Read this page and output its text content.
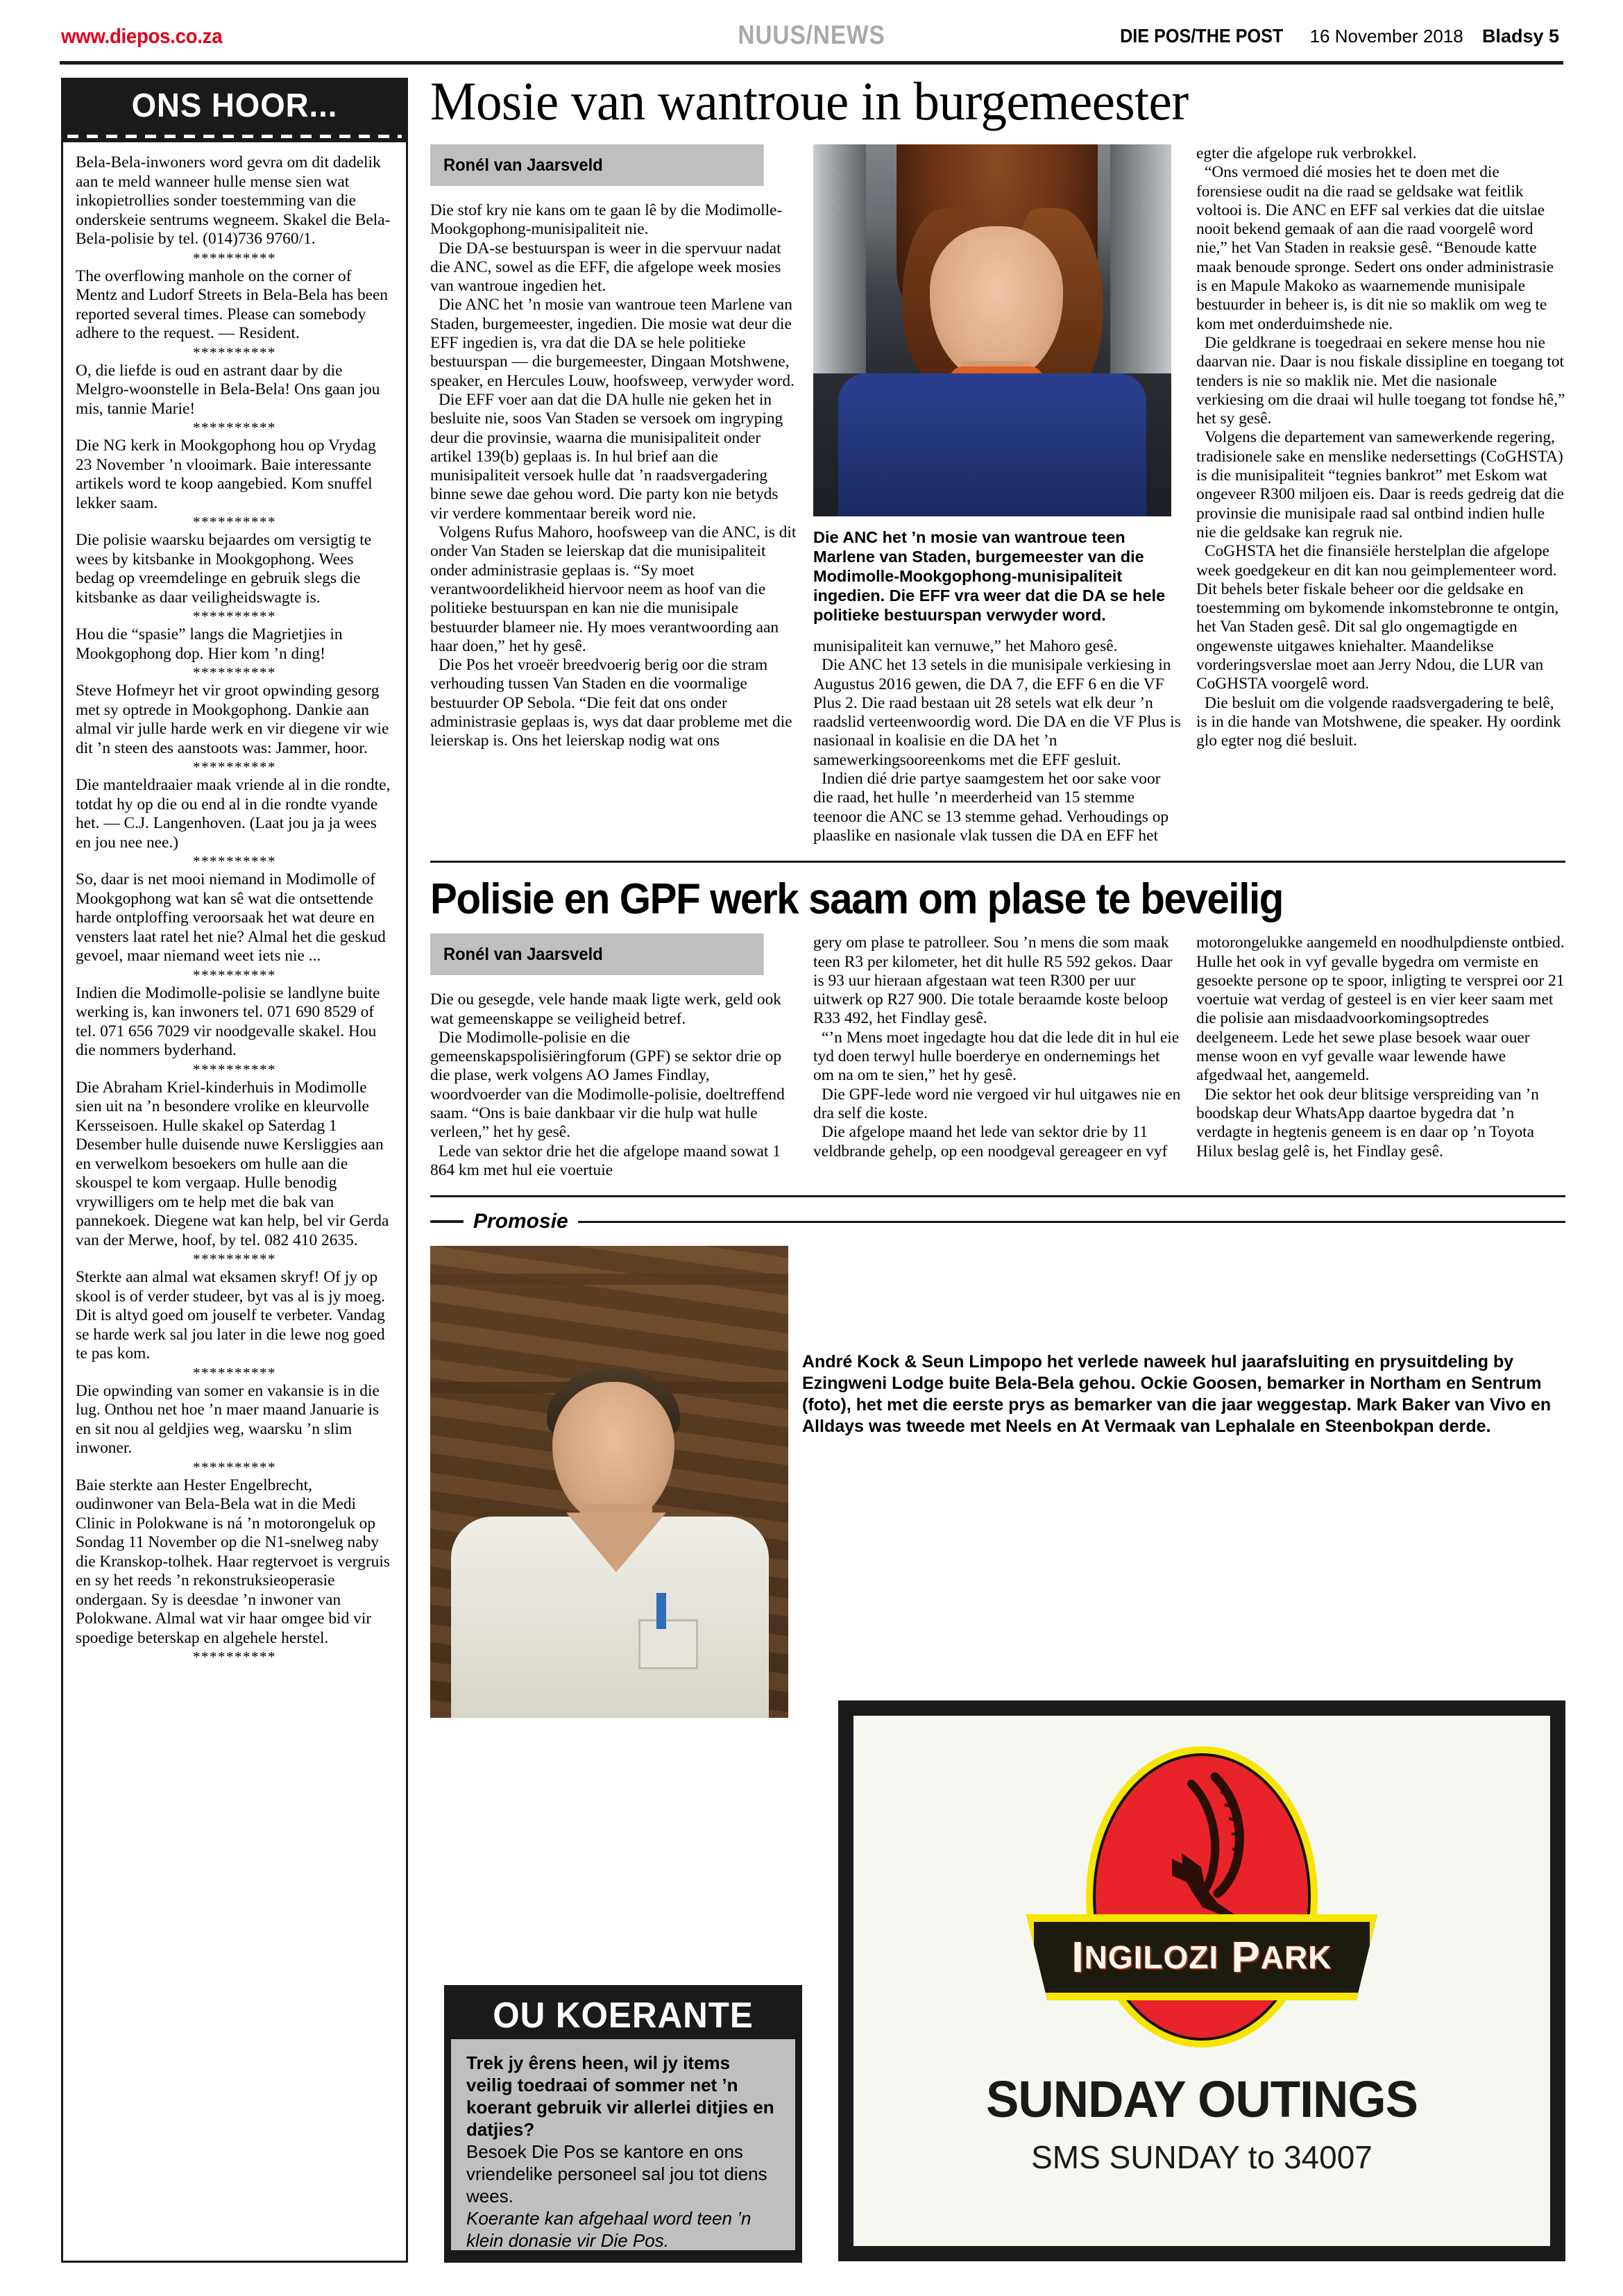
www.diepos.co.za	NUUS/NEWS	DIE POS/THE POST 16 November 2018 Bladsy 5
ONS HOOR...

Bela-Bela-inwoners word gevra om dit dadelik aan te meld wanneer hulle mense sien wat inkopietrollies sonder toestemming van die onderskeie sentrums wegneem. Skakel die Bela-Bela-polisie by tel. (014)736 9760/1.

**********

The overflowing manhole on the corner of Mentz and Ludorf Streets in Bela-Bela has been reported several times. Please can somebody adhere to the request. — Resident.

**********

O, die liefde is oud en astrant daar by die Melgro-woonstelle in Bela-Bela! Ons gaan jou mis, tannie Marie!

**********

Die NG kerk in Mookgophong hou op Vrydag 23 November ’n vlooimark. Baie interessante artikels word te koop aangebied. Kom snuffel lekker saam.

**********

Die polisie waarsku bejaardes om versigtig te wees by kitsbanke in Mookgophong. Wees bedag op vreemdelinge en gebruik slegs die kitsbanke as daar veiligheidswagte is.

**********

Hou die “spasie” langs die Magrietjies in Mookgophong dop. Hier kom ’n ding!

**********

Steve Hofmeyr het vir groot opwinding gesorg met sy optrede in Mookgophong. Dankie aan almal vir julle harde werk en vir diegene vir wie dit ’n steen des aanstoots was: Jammer, hoor.

**********

Die manteldraaier maak vriende al in die rondte, totdat hy op die ou end al in die rondte vyande het. — C.J. Langenhoven. (Laat jou ja ja wees en jou nee nee.)

**********

So, daar is net mooi niemand in Modimolle of Mookgophong wat kan sê wat die ontsettende harde ontploffing veroorsaak het wat deure en vensters laat ratel het nie? Almal het die geskud gevoel, maar niemand weet iets nie ...

**********

Indien die Modimolle-polisie se landlyne buite werking is, kan inwoners tel. 071 690 8529 of tel. 071 656 7029 vir noodgevalle skakel. Hou die nommers byderhand.

**********

Die Abraham Kriel-kinderhuis in Modimolle sien uit na ’n besondere vrolike en kleurvolle Kersseisoen. Hulle skakel op Saterdag 1 Desember hulle duisende nuwe Kersliggies aan en verwelkom besoekers om hulle aan die skouspel te kom vergaap. Hulle benodig vrywilligers om te help met die bak van pannekoek. Diegene wat kan help, bel vir Gerda van der Merwe, hoof, by tel. 082 410 2635.

**********

Sterkte aan almal wat eksamen skryf! Of jy op skool is of verder studeer, byt vas al is jy moeg. Dit is altyd goed om jouself te verbeter. Vandag se harde werk sal jou later in die lewe nog goed te pas kom.

**********

Die opwinding van somer en vakansie is in die lug. Onthou net hoe ’n maer maand Januarie is en sit nou al geldjies weg, waarsku ’n slim inwoner.

**********

Baie sterkte aan Hester Engelbrecht, oudinwoner van Bela-Bela wat in die Medi Clinic in Polokwane is ná ’n motorongeluk op Sondag 11 November op die N1-snelweg naby die Kranskop-tolhek. Haar regtervoet is vergruis en sy het reeds ’n rekonstruksieoperasie ondergaan. Sy is deesdae ’n inwoner van Polokwane. Almal wat vir haar omgee bid vir spoedige beterskap en algehele herstel.

**********

Mosie van wantroue in burgemeester
Ronél van Jaarsveld

Die stof kry nie kans om te gaan lê by die Modimolle-Mookgophong-munisipaliteit nie.

Die DA-se bestuurspan is weer in die spervuur nadat die ANC, sowel as die EFF, die afgelope week mosies van wantroue ingedien het.

Die ANC het ’n mosie van wantroue teen Marlene van Staden, burgemeester, ingedien. Die mosie wat deur die EFF ingedien is, vra dat die DA se hele politieke bestuurspan — die burgemeester, Dingaan Motshwene, speaker, en Hercules Louw, hoofsweep, verwyder word.

Die EFF voer aan dat die DA hulle nie geken het in besluite nie, soos Van Staden se versoek om ingryping deur die provinsie, waarna die munisipaliteit onder artikel 139(b) geplaas is. In hul brief aan die munisipaliteit versoek hulle dat ’n raadsvergadering binne sewe dae gehou word. Die party kon nie betyds vir verdere kommentaar bereik word nie.

Volgens Rufus Mahoro, hoofsweep van die ANC, is dit onder Van Staden se leierskap dat die munisipaliteit onder administrasie geplaas is. “Sy moet verantwoordelikheid hiervoor neem as hoof van die politieke bestuurspan en kan nie die munisipale bestuurder blameer nie. Hy moes verantwoording aan haar doen,” het hy gesê.

Die Pos het vroeër breedvoerig berig oor die stram verhouding tussen Van Staden en die voormalige bestuurder OP Sebola. “Die feit dat ons onder administrasie geplaas is, wys dat daar probleme met die leierskap is. Ons het leierskap nodig wat ons

EXCO	FLEET
Die ANC het ’n mosie van wantroue teen Marlene van Staden, burgemeester van die Modimolle-Mookgophong-munisipaliteit ingedien. Die EFF vra weer dat die DA se hele politieke bestuurspan verwyder word.

munisipaliteit kan vernuwe,” het Mahoro gesê.

Die ANC het 13 setels in die munisipale verkiesing in Augustus 2016 gewen, die DA 7, die EFF 6 en die VF Plus 2. Die raad bestaan uit 28 setels wat elk deur ’n raadslid verteenwoordig word. Die DA en die VF Plus is nasionaal in koalisie en die DA het ’n samewerkingsooreenkoms met die EFF gesluit.

Indien dié drie partye saamgestem het oor sake voor die raad, het hulle ’n meerderheid van 15 stemme teenoor die ANC se 13 stemme gehad. Verhoudings op plaaslike en nasionale vlak tussen die DA en EFF het

egter die afgelope ruk verbrokkel.

“Ons vermoed dié mosies het te doen met die forensiese oudit na die raad se geldsake wat feitlik voltooi is. Die ANC en EFF sal verkies dat die uitslae nooit bekend gemaak of aan die raad voorgelê word nie,” het Van Staden in reaksie gesê. “Benoude katte maak benoude spronge. Sedert ons onder administrasie is en Mapule Makoko as waarnemende munisipale bestuurder in beheer is, is dit nie so maklik om weg te kom met onderduimshede nie.

Die geldkrane is toegedraai en sekere mense hou nie daarvan nie. Daar is nou fiskale dissipline en toegang tot tenders is nie so maklik nie. Met die nasionale verkiesing om die draai wil hulle toegang tot fondse hê,” het sy gesê.

Volgens die departement van samewerkende regering, tradisionele sake en menslike nedersettings (CoGHSTA) is die munisipaliteit “tegnies bankrot” met Eskom wat ongeveer R300 miljoen eis. Daar is reeds gedreig dat die provinsie die munisipale raad sal ontbind indien hulle nie die geldsake kan regruk nie.

CoGHSTA het die finansiële herstelplan die afgelope week goedgekeur en dit kan nou geimplementeer word. Dit behels beter fiskale beheer oor die geldsake en toestemming om bykomende inkomstebronne te ontgin, het Van Staden gesê. Dit sal glo ongemagtigde en ongewenste uitgawes kniehalter. Maandelikse vorderingsverslae moet aan Jerry Ndou, die LUR van CoGHSTA voorgelê word.

Die besluit om die volgende raadsvergadering te belê, is in die hande van Motshwene, die speaker. Hy oordink glo egter nog dié besluit.

Polisie en GPF werk saam om plase te beveilig
Ronél van Jaarsveld

Die ou gesegde, vele hande maak ligte werk, geld ook wat gemeenskappe se veiligheid betref.

Die Modimolle-polisie en die gemeenskapspolisiëringforum (GPF) se sektor drie op die plase, werk volgens AO James Findlay, woordvoerder van die Modimolle-polisie, doeltreffend saam. “Ons is baie dankbaar vir die hulp wat hulle verleen,” het hy gesê.

Lede van sektor drie het die afgelope maand sowat 1 864 km met hul eie voertuie

gery om plase te patrolleer. Sou ’n mens die som maak teen R3 per kilometer, het dit hulle R5 592 gekos. Daar is 93 uur hieraan afgestaan wat teen R300 per uur uitwerk op R27 900. Die totale beraamde koste beloop R33 492, het Findlay gesê.

“’n Mens moet ingedagte hou dat die lede dit in hul eie tyd doen terwyl hulle boerderye en ondernemings het om na om te sien,” het hy gesê.

Die GPF-lede word nie vergoed vir hul uitgawes nie en dra self die koste.

Die afgelope maand het lede van sektor drie by 11 veldbrande gehelp, op een noodgeval gereageer en vyf

motorongelukke aangemeld en noodhulpdienste ontbied. Hulle het ook in vyf gevalle bygedra om vermiste en gesoekte persone op te spoor, inligting te versprei oor 21 voertuie wat verdag of gesteel is en vier keer saam met die polisie aan misdaadvoorkomingsoptredes deelgeneem. Lede het sewe plase besoek waar ouer mense woon en vyf gevalle waar lewende hawe afgedwaal het, aangemeld.

Die sektor het ook deur blitsige verspreiding van ’n boodskap deur WhatsApp daartoe bygedra dat ’n verdagte in hegtenis geneem is en daar op ’n Toyota Hilux beslag gelê is, het Findlay gesê.

Promosie
André Kock & Seun Limpopo het verlede naweek hul jaarafsluiting en prysuitdeling by Ezingweni Lodge buite Bela-Bela gehou. Ockie Goosen, bemarker in Northam en Sentrum (foto), het met die eerste prys as bemarker van die jaar weggestap. Mark Baker van Vivo en Alldays was tweede met Neels en At Vermaak van Lephalale en Steenbokpan derde.
OU KOERANTE
Trek jy êrens heen, wil jy items veilig toedraai of sommer net ’n koerant gebruik vir allerlei ditjies en datjies?
Besoek Die Pos se kantore en ons vriendelike personeel sal jou tot diens wees.
Koerante kan afgehaal word teen ’n klein donasie vir Die Pos.
I NGILOZI
P ARK
SUNDAY OUTINGS
SMS SUNDAY to 34007
